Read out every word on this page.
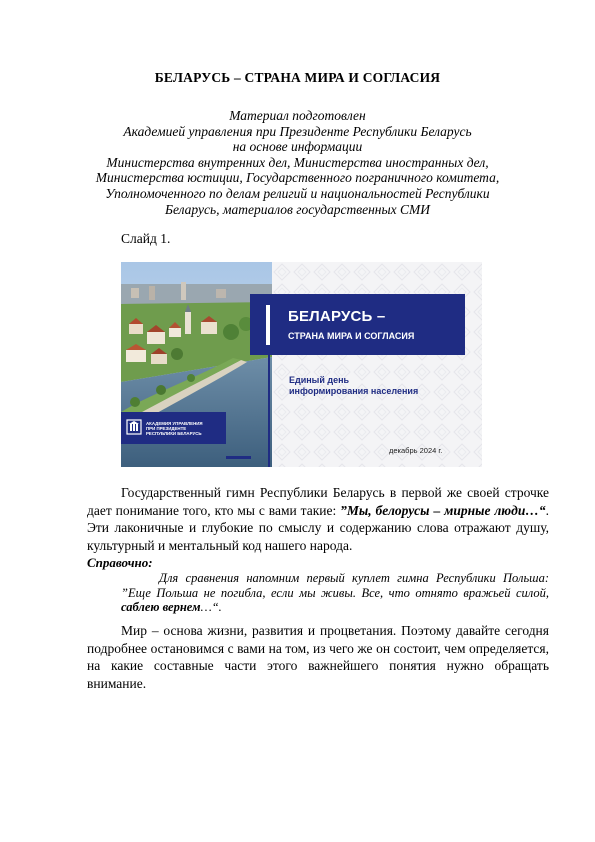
БЕЛАРУСЬ – СТРАНА МИРА И СОГЛАСИЯ
Материал подготовлен
Академией управления при Президенте Республики Беларусь
на основе информации
Министерства внутренних дел, Министерства иностранных дел,
Министерства юстиции, Государственного пограничного комитета,
Уполномоченного по делам религий и национальностей Республики
Беларусь, материалов государственных СМИ
Слайд 1.
БЕЛАРУСЬ –
СТРАНА МИРА И СОГЛАСИЯ
Единый день
информирования населения
АКАДЕМИЯ УПРАВЛЕНИЯ
ПРИ ПРЕЗИДЕНТЕ
РЕСПУБЛИКИ БЕЛАРУСЬ
декабрь 2024 г.
Государственный гимн Республики Беларусь в первой же своей строчке дает понимание того, кто мы с вами такие: ”Мы, белорусы – мирные люди…“. Эти лаконичные и глубокие по смыслу и содержанию слова отражают душу, культурный и ментальный код нашего народа.
Справочно:
Для сравнения напомним первый куплет гимна Республики Польша: ”Еще Польша не погибла, если мы живы. Все, что отнято вражьей силой, саблею вернем…“.
Мир – основа жизни, развития и процветания. Поэтому давайте сегодня подробнее остановимся с вами на том, из чего же он состоит, чем определяется, на какие составные части этого важнейшего понятия нужно обращать внимание.
